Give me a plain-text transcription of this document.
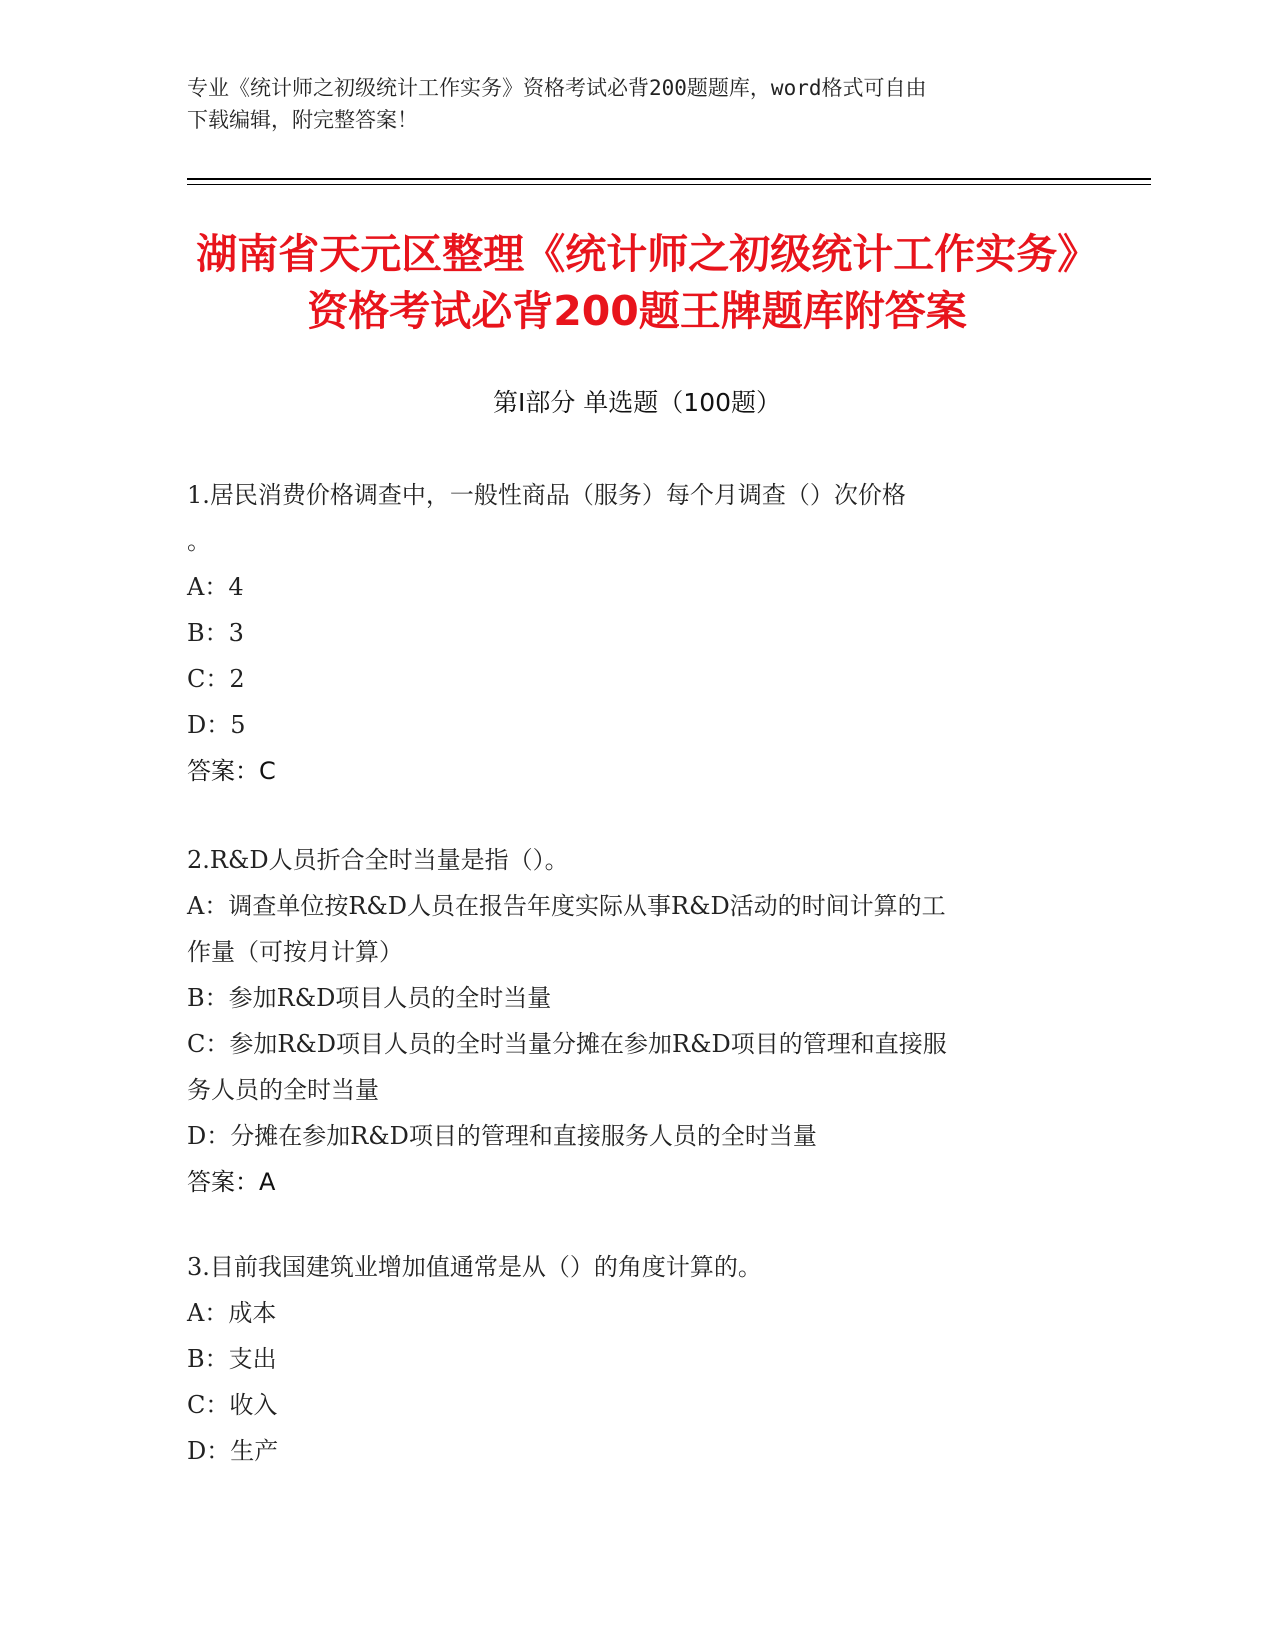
专业《统计师之初级统计工作实务》资格考试必背200题题库，word格式可自由
下载编辑，附完整答案！
湖南省天元区整理《统计师之初级统计工作实务》资格考试必背200题王牌题库附答案
第Ⅰ部分 单选题（100题）
1.居民消费价格调查中，一般性商品（服务）每个月调查（）次价格
。
A：4
B：3
C：2
D：5
答案：C
2.R&D人员折合全时当量是指（）。
A：调查单位按R&D人员在报告年度实际从事R&D活动的时间计算的工
作量（可按月计算）
B：参加R&D项目人员的全时当量
C：参加R&D项目人员的全时当量分摊在参加R&D项目的管理和直接服
务人员的全时当量
D：分摊在参加R&D项目的管理和直接服务人员的全时当量
答案：A
3.目前我国建筑业增加值通常是从（）的角度计算的。
A：成本
B：支出
C：收入
D：生产
